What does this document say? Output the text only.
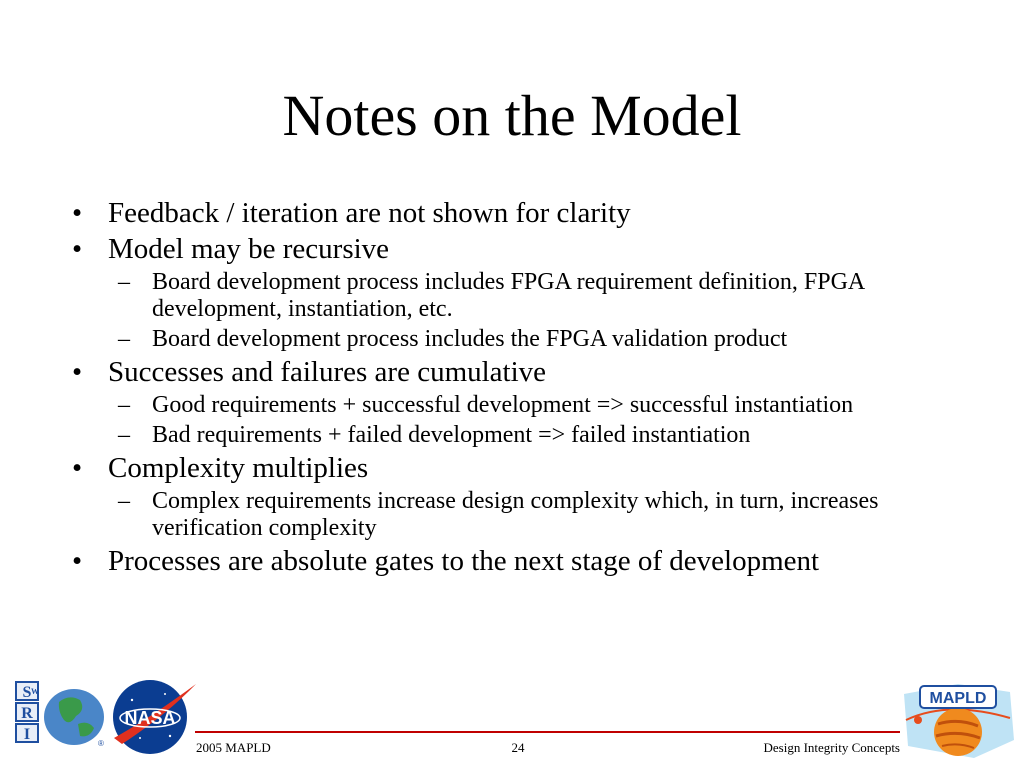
Notes on the Model
• Feedback / iteration are not shown for clarity
• Model may be recursive
– Board development process includes FPGA requirement definition, FPGA development, instantiation, etc.
– Board development process includes the FPGA validation product
• Successes and failures are cumulative
– Good requirements + successful development => successful instantiation
– Bad requirements + failed development => failed instantiation
• Complexity multiplies
– Complex requirements increase design complexity which, in turn, increases verification complexity
• Processes are absolute gates to the next stage of development
S W
R
I
®
NASA
MAPLD
2005 MAPLD	24	Design Integrity Concepts
